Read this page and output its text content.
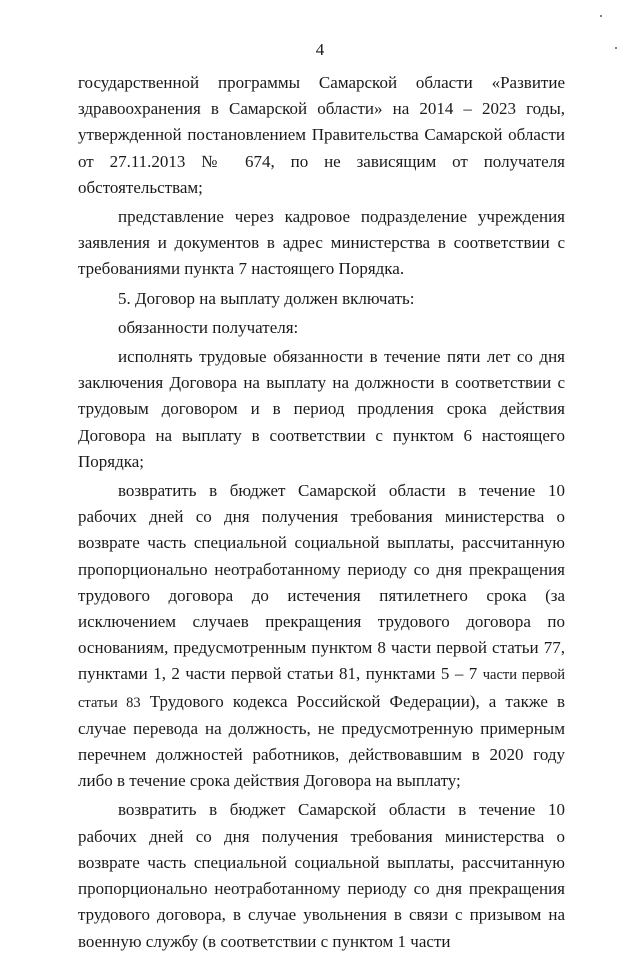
4

государственной программы Самарской области «Развитие здравоохранения в Самарской области» на 2014 – 2023 годы, утвержденной постановлением Правительства Самарской области от 27.11.2013 № 674, по не зависящим от получателя обстоятельствам;

представление через кадровое подразделение учреждения заявления и документов в адрес министерства в соответствии с требованиями пункта 7 настоящего Порядка.

5. Договор на выплату должен включать:

обязанности получателя:

исполнять трудовые обязанности в течение пяти лет со дня заключения Договора на выплату на должности в соответствии с трудовым договором и в период продления срока действия Договора на выплату в соответствии с пунктом 6 настоящего Порядка;

возвратить в бюджет Самарской области в течение 10 рабочих дней со дня получения требования министерства о возврате часть специальной социальной выплаты, рассчитанную пропорционально неотработанному периоду со дня прекращения трудового договора до истечения пятилетнего срока (за исключением случаев прекращения трудового договора по основаниям, предусмотренным пунктом 8 части первой статьи 77, пунктами 1, 2 части первой статьи 81, пунктами 5 – 7 части первой статьи 83 Трудового кодекса Российской Федерации), а также в случае перевода на должность, не предусмотренную примерным перечнем должностей работников, действовавшим в 2020 году либо в течение срока действия Договора на выплату;

возвратить в бюджет Самарской области в течение 10 рабочих дней со дня получения требования министерства о возврате часть специальной социальной выплаты, рассчитанную пропорционально неотработанному периоду со дня прекращения трудового договора, в случае увольнения в связи с призывом на военную службу (в соответствии с пунктом 1 части
